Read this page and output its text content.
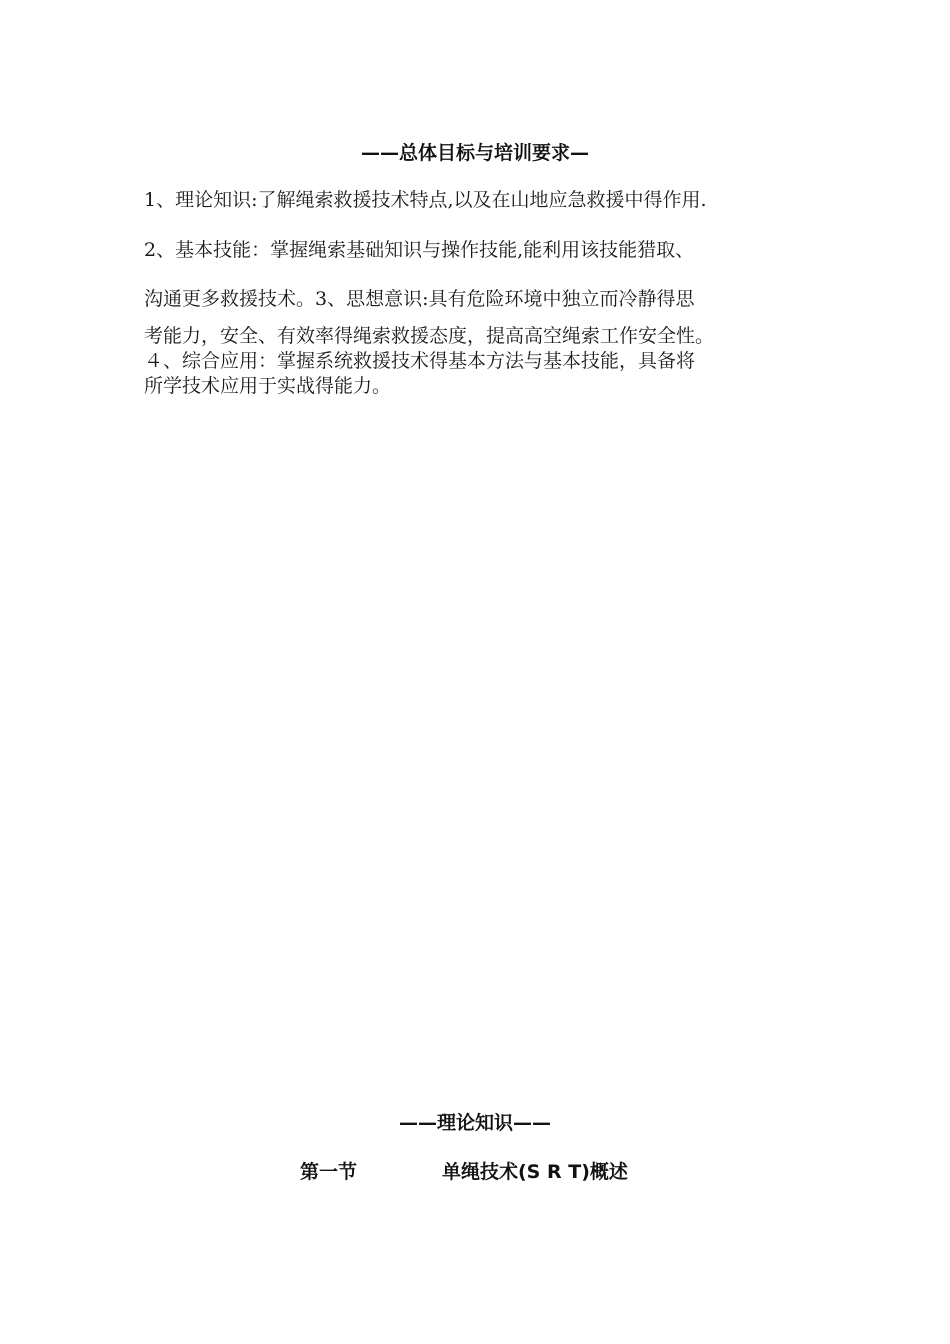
——总体目标与培训要求—
1、理论知识:了解绳索救援技术特点,以及在山地应急救援中得作用.
2、基本技能：掌握绳索基础知识与操作技能,能利用该技能猎取、
沟通更多救援技术。3、思想意识:具有危险环境中独立而冷静得思
考能力，安全、有效率得绳索救援态度，提高高空绳索工作安全性。
４、综合应用：掌握系统救援技术得基本方法与基本技能，具备将
所学技术应用于实战得能力。
——理论知识——
第一节	单绳技术(S R T)概述
